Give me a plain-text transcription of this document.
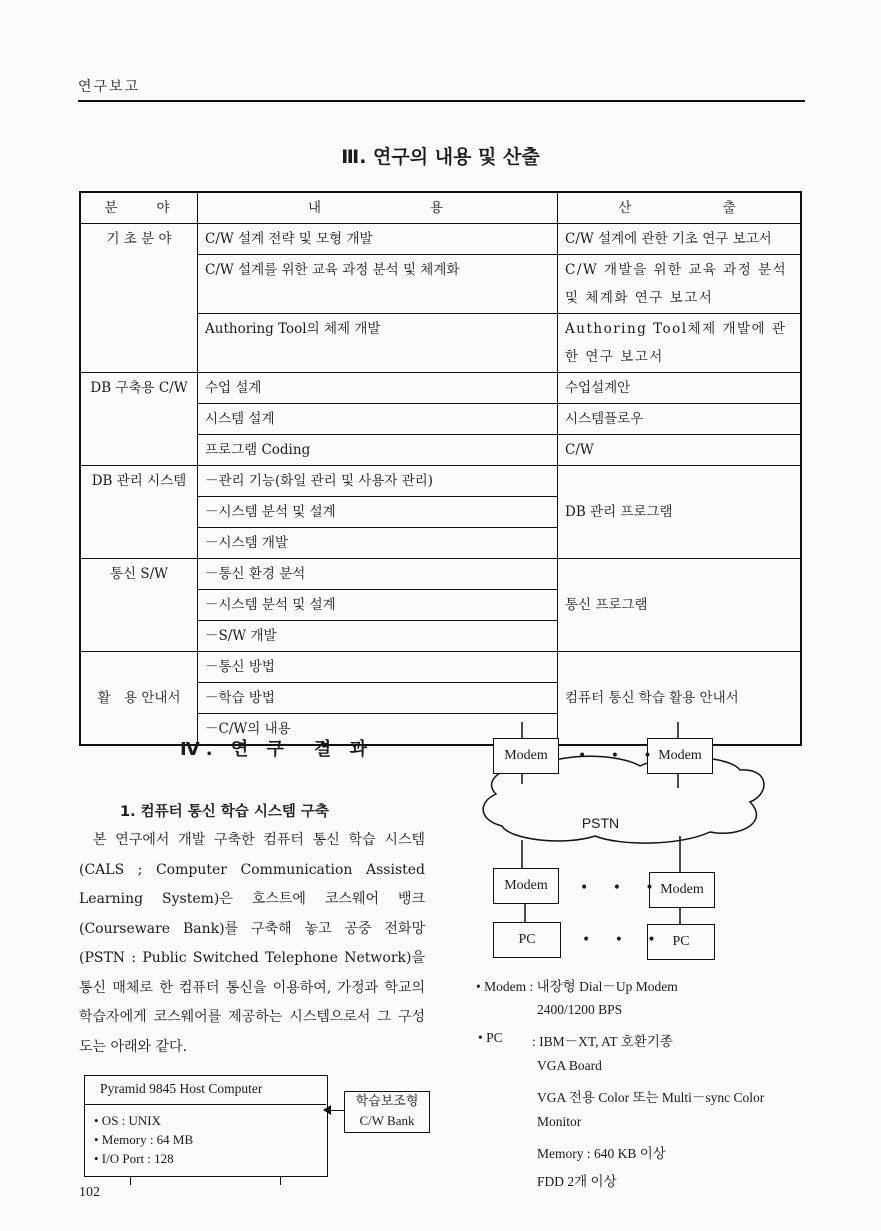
연구보고
Ⅲ. 연구의 내용 및 산출
분　　야	내　　　　　　용	산　　　　　출
기 초 분 야	C/W 설계 전략 및 모형 개발	C/W 설계에 관한 기초 연구 보고서
	C/W 설계를 위한 교육 과정 분석 및 체계화	C/W 개발을 위한 교육 과정 분석 및 체계화 연구 보고서
	Authoring Tool의 체제 개발	Authoring Tool체제 개발에 관한 연구 보고서
DB 구축용 C/W	수업 설계	수업설계안
	시스템 설계	시스템플로우
	프로그램 Coding	C/W
DB 관리 시스템	－관리 기능(화일 관리 및 사용자 관리)	DB 관리 프로그램
	－시스템 분석 및 설계	
	－시스템 개발	
통신 S/W	－통신 환경 분석	통신 프로그램
	－시스템 분석 및 설계	
	－S/W 개발	
활　용 안내서	－통신 방법	컴퓨터 통신 학습 활용 안내서
	－학습 방법	
	－C/W의 내용	
Ⅳ. 연 구　결 과
1. 컴퓨터 통신 학습 시스템 구축
본 연구에서 개발 구축한 컴퓨터 통신 학습 시스템(CALS ; Computer Communication Assisted Learning System)은 호스트에 코스웨어 뱅크(Courseware Bank)를 구축해 놓고 공중 전화망(PSTN : Public Switched Telephone Network)을 통신 매체로 한 컴퓨터 통신을 이용하여, 가정과 학교의 학습자에게 코스웨어를 제공하는 시스템으로서 그 구성도는 아래와 같다.
Pyramid 9845 Host Computer
• OS : UNIX
• Memory : 64 MB
• I/O Port : 128
학습보조형
C/W Bank
Modem	Modem
• • •
PSTN
Modem	Modem
• • •
PC	PC
• • •
• Modem : 내장형 Dial－Up Modem
2400/1200 BPS
• PC : IBM－XT, AT 호환기종
VGA Board
VGA 전용 Color 또는 Multi－sync Color
Monitor
Memory : 640 KB 이상
FDD 2개 이상
102
